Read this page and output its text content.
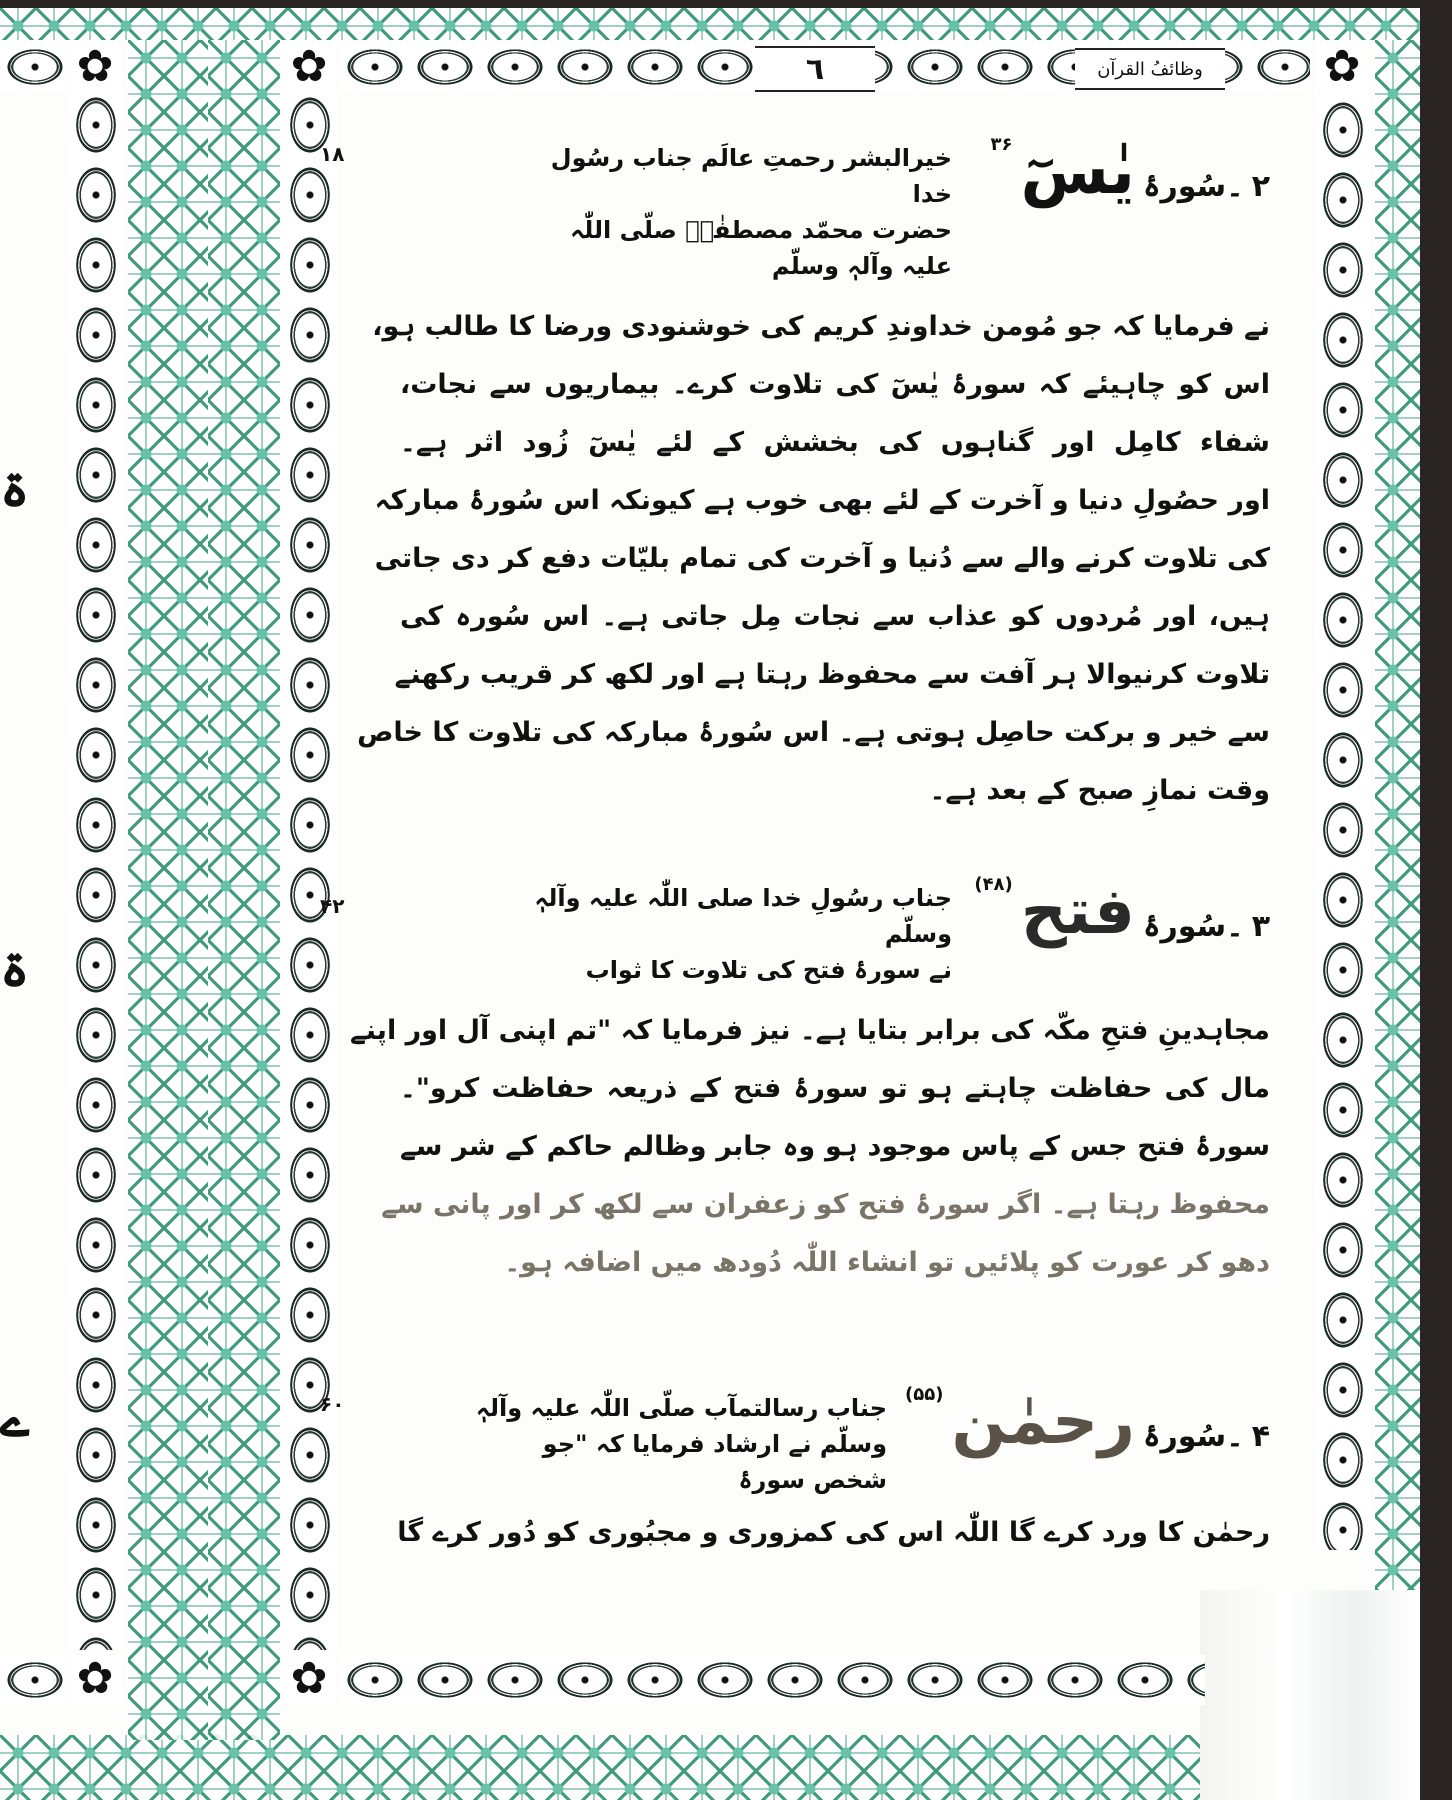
✿	✿	✿
✿	✿
٦	وظائفُ القرآن
ۃ
ۃ
ے
۲
۔سُورۂ
یٰسٓ
۳۶
خیرالبشر رحمتِ عالَم جناب رسُول خدا
حضرت محمّد مصطفٰےؐ صلّی اللّٰہ علیہ وآلہٖ وسلّم
۱۸
نے فرمایا کہ جو مُومن خداوندِ کریم کی خوشنودی ورضا کا طالب ہو،
اس کو چاہیئے کہ سورۂ یٰسٓ کی تلاوت کرے۔ بیماریوں سے نجات،
شفاء کامِل اور گناہوں کی بخشش کے لئے یٰسٓ زُود اثر ہے۔
اور حصُولِ دنیا و آخرت کے لئے بھی خوب ہے کیونکہ اس سُورۂ مبارکہ
کی تلاوت کرنے والے سے دُنیا و آخرت کی تمام بلیّات دفع کر دی جاتی
ہیں، اور مُردوں کو عذاب سے نجات مِل جاتی ہے۔ اس سُورہ کی
تلاوت کرنیوالا ہر آفت سے محفوظ رہتا ہے اور لکھ کر قریب رکھنے
سے خیر و برکت حاصِل ہوتی ہے۔ اس سُورۂ مبارکہ کی تلاوت کا خاص
وقت نمازِ صبح کے بعد ہے۔
۳
۔سُورۂ
فتح
(۴۸)
جناب رسُولِ خدا صلی اللّٰہ علیہ وآلہٖ وسلّم
نے سورۂ فتح کی تلاوت کا ثواب
۴۲
مجاہدینِ فتحِ مکّہ کی برابر بتایا ہے۔ نیز فرمایا کہ "تم اپنی آل اور اپنے
مال کی حفاظت چاہتے ہو تو سورۂ فتح کے ذریعہ حفاظت کرو"۔
سورۂ فتح جس کے پاس موجود ہو وہ جابر وظالم حاکم کے شر سے
محفوظ رہتا ہے۔ اگر سورۂ فتح کو زعفران سے لکھ کر اور پانی سے
دھو کر عورت کو پلائیں تو انشاء اللّٰہ دُودھ میں اضافہ ہو۔
۴
۔سُورۂ
رحمٰن
(۵۵)
جناب رسالتمآب صلّی اللّٰہ علیہ وآلہٖ
وسلّم نے ارشاد فرمایا کہ "جو شخص سورۂ
۶۰
رحمٰن کا ورد کرے گا اللّٰہ اس کی کمزوری و مجبُوری کو دُور کرے گا
